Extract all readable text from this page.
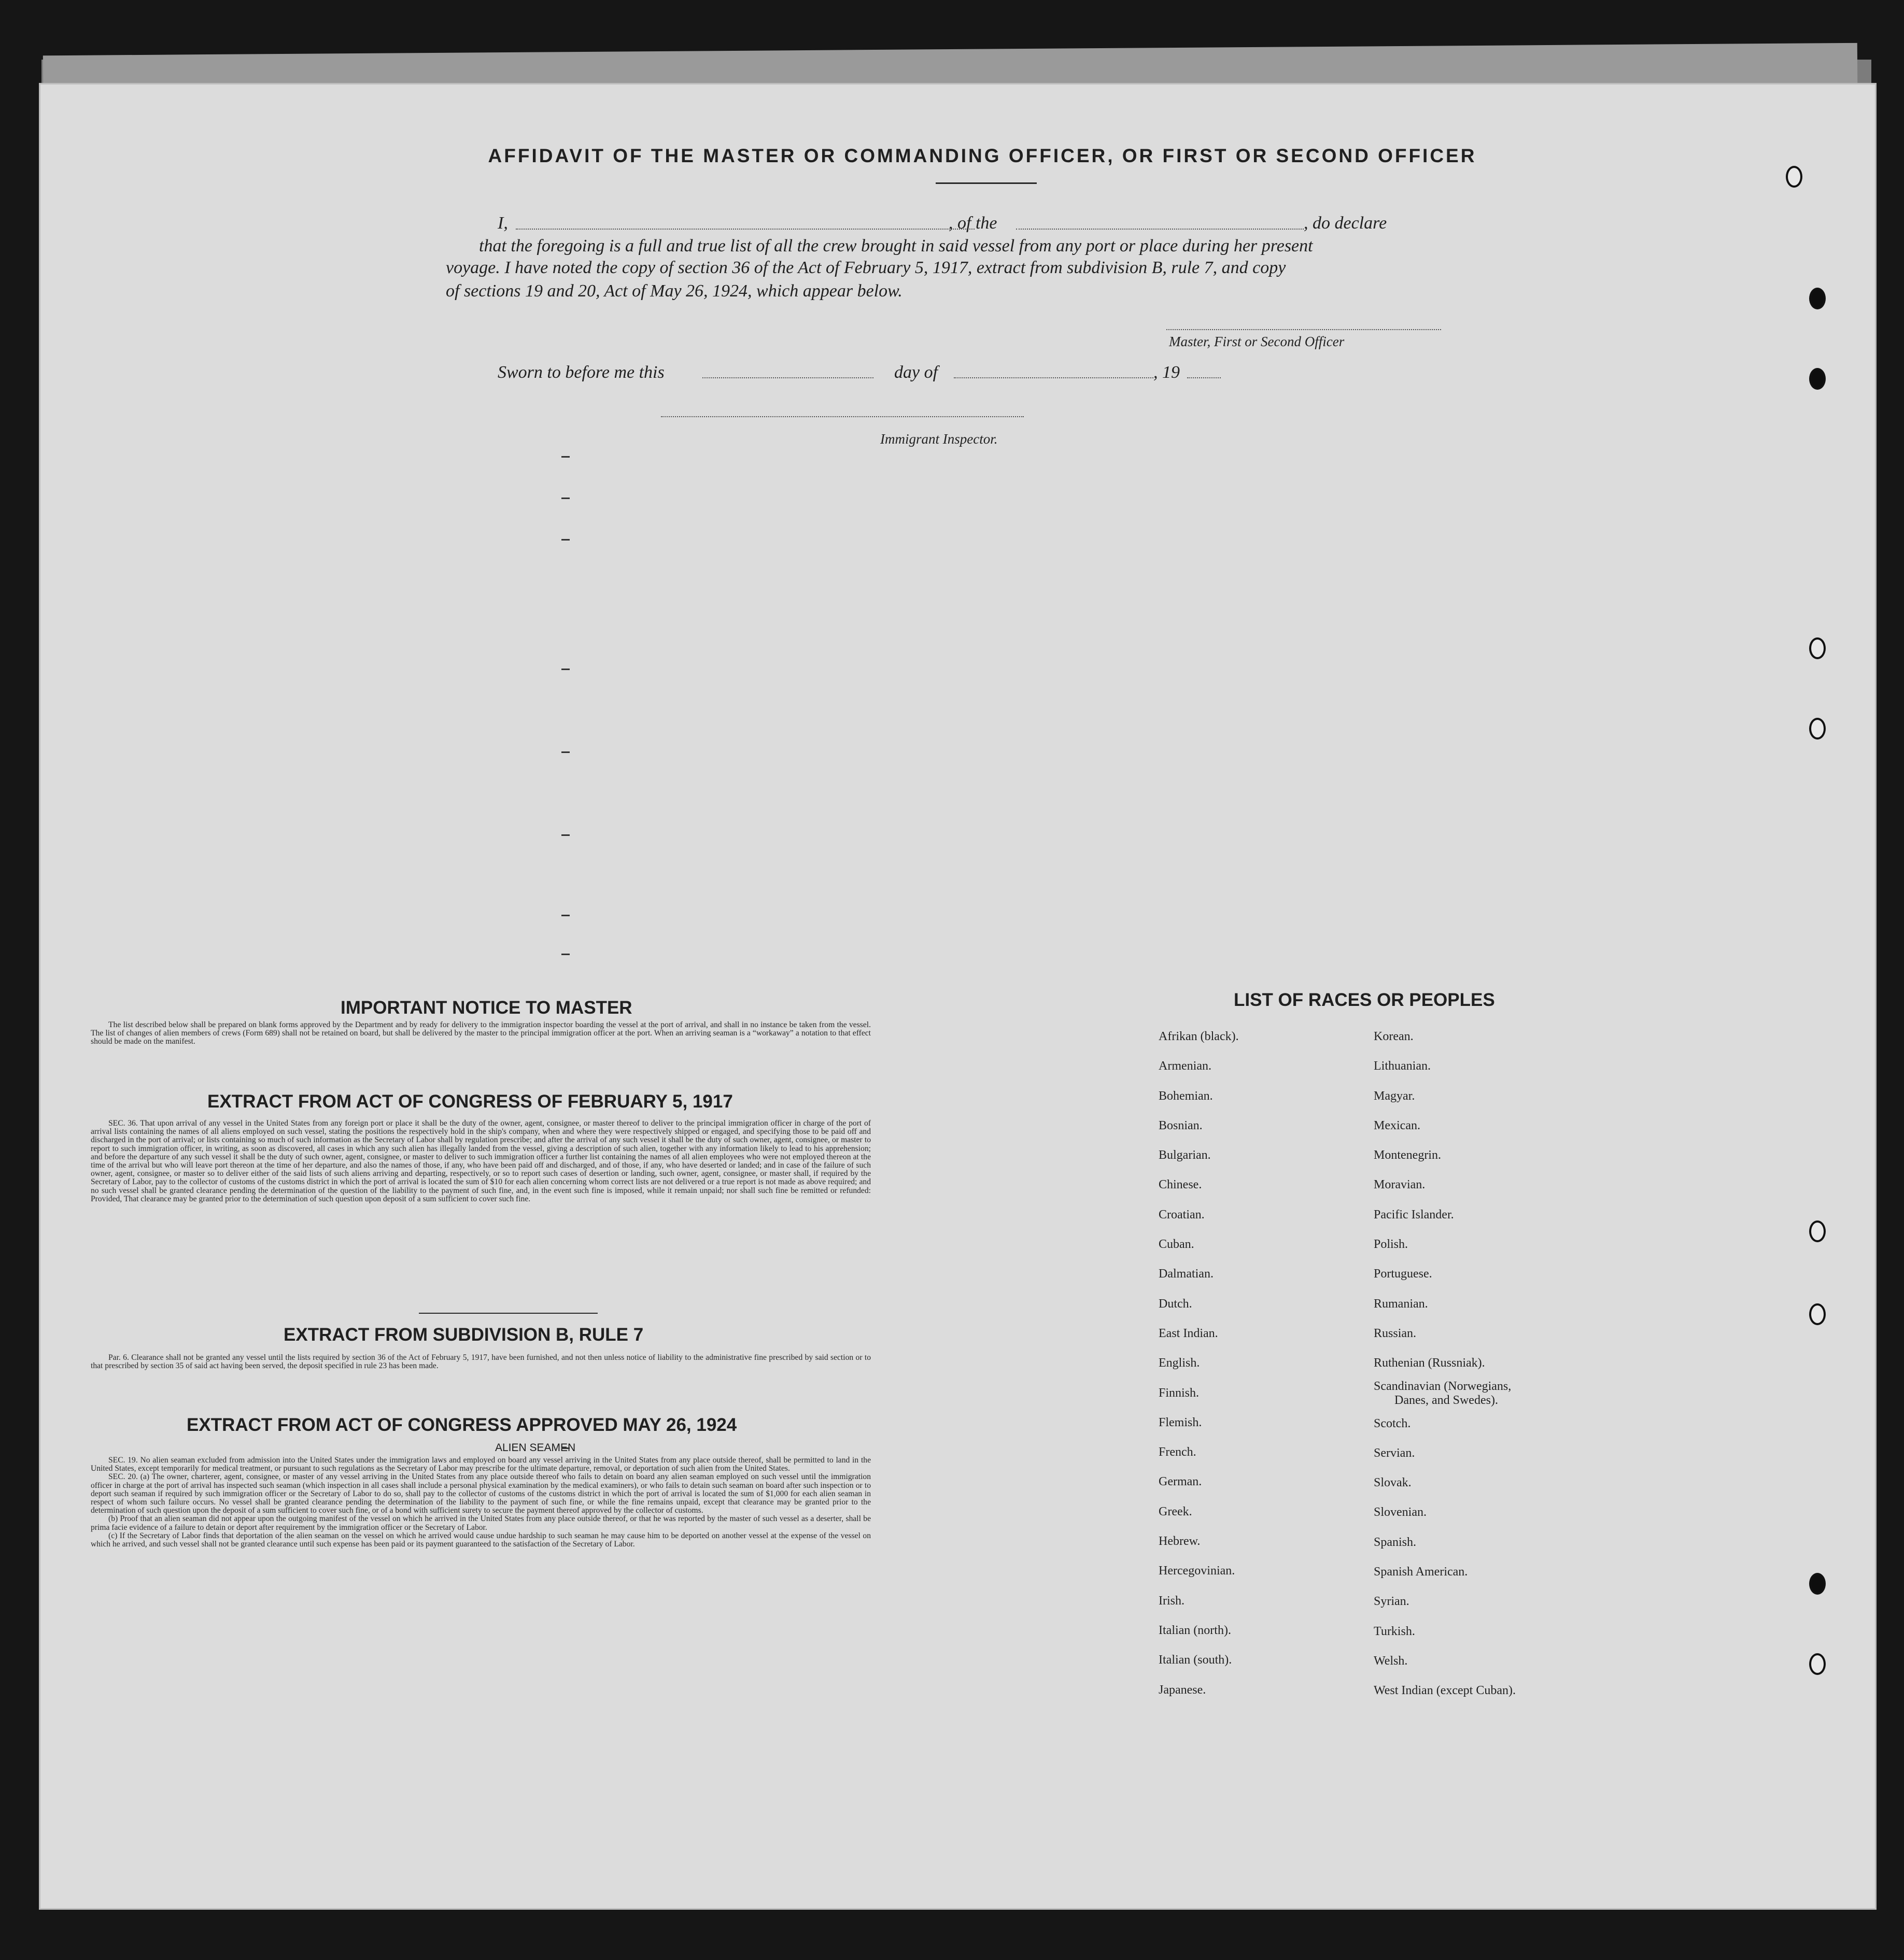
AFFIDAVIT OF THE MASTER OR COMMANDING OFFICER, OR FIRST OR SECOND OFFICER
I,	, of the	, do declare
that the foregoing is a full and true list of all the crew brought in said vessel from any port or place during her present
voyage. I have noted the copy of section 36 of the Act of February 5, 1917, extract from subdivision B, rule 7, and copy
of sections 19 and 20, Act of May 26, 1924, which appear below.
Master, First or Second Officer
Sworn to before me this	day of	, 19
Immigrant Inspector.
IMPORTANT NOTICE TO MASTER

The list described below shall be prepared on blank forms approved by the Department and by ready for delivery to the immigration inspector boarding the vessel at the port of arrival, and shall in no instance be taken from the vessel. The list of changes of alien members of crews (Form 689) shall not be retained on board, but shall be delivered by the master to the principal immigration officer at the port. When an arriving seaman is a “workaway” a notation to that effect should be made on the manifest.

EXTRACT FROM ACT OF CONGRESS OF FEBRUARY 5, 1917

SEC. 36. That upon arrival of any vessel in the United States from any foreign port or place it shall be the duty of the owner, agent, consignee, or master thereof to deliver to the principal immigration officer in charge of the port of arrival lists containing the names of all aliens employed on such vessel, stating the positions the respectively hold in the ship's company, when and where they were respectively shipped or engaged, and specifying those to be paid off and discharged in the port of arrival; or lists containing so much of such information as the Secretary of Labor shall by regulation prescribe; and after the arrival of any such vessel it shall be the duty of such owner, agent, consignee, or master to report to such immigration officer, in writing, as soon as discovered, all cases in which any such alien has illegally landed from the vessel, giving a description of such alien, together with any information likely to lead to his apprehension; and before the departure of any such vessel it shall be the duty of such owner, agent, consignee, or master to deliver to such immigration officer a further list containing the names of all alien employees who were not employed thereon at the time of the arrival but who will leave port thereon at the time of her departure, and also the names of those, if any, who have been paid off and discharged, and of those, if any, who have deserted or landed; and in case of the failure of such owner, agent, consignee, or master so to deliver either of the said lists of such aliens arriving and departing, respectively, or so to report such cases of desertion or landing, such owner, agent, consignee, or master shall, if required by the Secretary of Labor, pay to the collector of customs of the customs district in which the port of arrival is located the sum of $10 for each alien concerning whom correct lists are not delivered or a true report is not made as above required; and no such vessel shall be granted clearance pending the determination of the question of the liability to the payment of such fine, and, in the event such fine is imposed, while it remain unpaid; nor shall such fine be remitted or refunded: Provided, That clearance may be granted prior to the determination of such question upon deposit of a sum sufficient to cover such fine.

EXTRACT FROM SUBDIVISION B, RULE 7

Par. 6. Clearance shall not be granted any vessel until the lists required by section 36 of the Act of February 5, 1917, have been furnished, and not then unless notice of liability to the administrative fine prescribed by said section or to that prescribed by section 35 of said act having been served, the deposit specified in rule 23 has been made.

EXTRACT FROM ACT OF CONGRESS APPROVED MAY 26, 1924
ALIEN SEAMEN

SEC. 19. No alien seaman excluded from admission into the United States under the immigration laws and employed on board any vessel arriving in the United States from any place outside thereof, shall be permitted to land in the United States, except temporarily for medical treatment, or pursuant to such regulations as the Secretary of Labor may prescribe for the ultimate departure, removal, or deportation of such alien from the United States.

SEC. 20. (a) The owner, charterer, agent, consignee, or master of any vessel arriving in the United States from any place outside thereof who fails to detain on board any alien seaman employed on such vessel until the immigration officer in charge at the port of arrival has inspected such seaman (which inspection in all cases shall include a personal physical examination by the medical examiners), or who fails to detain such seaman on board after such inspection or to deport such seaman if required by such immigration officer or the Secretary of Labor to do so, shall pay to the collector of customs of the customs district in which the port of arrival is located the sum of $1,000 for each alien seaman in respect of whom such failure occurs. No vessel shall be granted clearance pending the determination of the liability to the payment of such fine, or while the fine remains unpaid, except that clearance may be granted prior to the determination of such question upon the deposit of a sum sufficient to cover such fine, or of a bond with sufficient surety to secure the payment thereof approved by the collector of customs.

(b) Proof that an alien seaman did not appear upon the outgoing manifest of the vessel on which he arrived in the United States from any place outside thereof, or that he was reported by the master of such vessel as a deserter, shall be prima facie evidence of a failure to detain or deport after requirement by the immigration officer or the Secretary of Labor.

(c) If the Secretary of Labor finds that deportation of the alien seaman on the vessel on which he arrived would cause undue hardship to such seaman he may cause him to be deported on another vessel at the expense of the vessel on which he arrived, and such vessel shall not be granted clearance until such expense has been paid or its payment guaranteed to the satisfaction of the Secretary of Labor.

LIST OF RACES OR PEOPLES
Afrikan (black).
Armenian.
Bohemian.
Bosnian.
Bulgarian.
Chinese.
Croatian.
Cuban.
Dalmatian.
Dutch.
East Indian.
English.
Finnish.
Flemish.
French.
German.
Greek.
Hebrew.
Hercegovinian.
Irish.
Italian (north).
Italian (south).
Japanese.
Korean.
Lithuanian.
Magyar.
Mexican.
Montenegrin.
Moravian.
Pacific Islander.
Polish.
Portuguese.
Rumanian.
Russian.
Ruthenian (Russniak).
Scandinavian (Norwegians,
Danes, and Swedes).
Scotch.
Servian.
Slovak.
Slovenian.
Spanish.
Spanish American.
Syrian.
Turkish.
Welsh.
West Indian (except Cuban).
